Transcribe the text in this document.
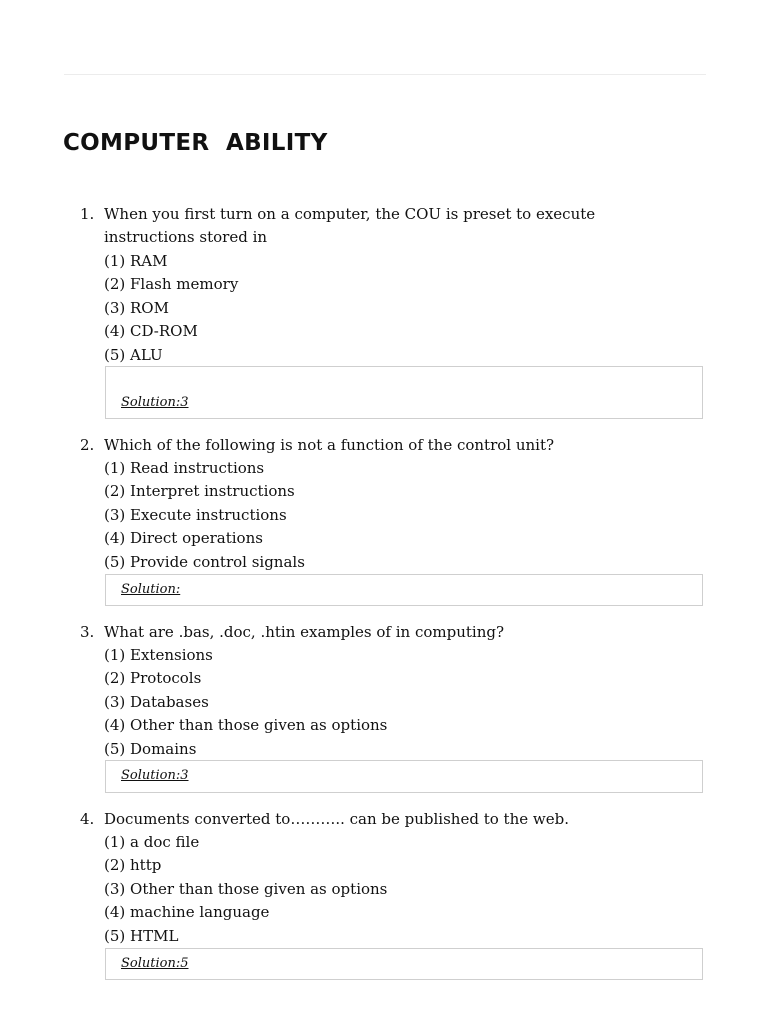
COMPUTER  ABILITY
1. When you first turn on a computer, the COU is preset to execute instructions stored in
(1) RAM
(2) Flash memory
(3) ROM
(4) CD-ROM
(5) ALU
Solution:3
2. Which of the following is not a function of the control unit?
(1) Read instructions
(2) Interpret instructions
(3) Execute instructions
(4) Direct operations
(5) Provide control signals
Solution:
3. What are .bas, .doc, .htin examples of in computing?
(1) Extensions
(2) Protocols
(3) Databases
(4) Other than those given as options
(5) Domains
Solution:3
4. Documents converted to……….. can be published to the web.
(1) a doc file
(2) http
(3) Other than those given as options
(4) machine language
(5) HTML
Solution:5
